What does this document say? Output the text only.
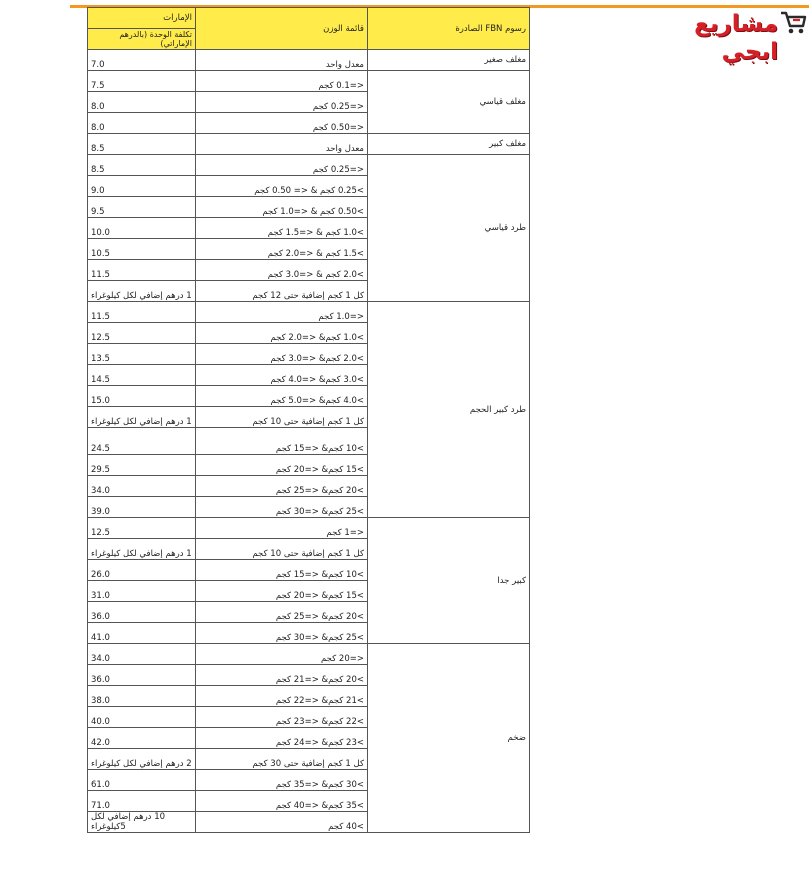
مشاريع ابجي
رسوم FBN الصادرة	قائمة الوزن	الإمارات
		تكلفة الوحدة (بالدرهم الإماراتي)
مغلف صغير	معدل واحد	7.0
مغلف قياسي	<=0.1 كجم	7.5
	<=0.25 كجم	8.0
	<=0.50 كجم	8.0
مغلف كبير	معدل واحد	8.5
طرد قياسي	<=0.25 كجم	8.5
	>0.25 كجم & <= 0.50 كجم	9.0
	>0.50 كجم & <=1.0 كجم	9.5
	>1.0 كجم & <=1.5 كجم	10.0
	>1.5 كجم & <=2.0 كجم	10.5
	>2.0 كجم & <=3.0 كجم	11.5
	كل 1 كجم إضافية حتى 12 كجم	1 درهم إضافي لكل كيلوغراء
طرد كبير الحجم	<=1.0 كجم	11.5
	>1.0 كجم& <=2.0 كجم	12.5
	>2.0 كجم& <=3.0 كجم	13.5
	>3.0 كجم& <=4.0 كجم	14.5
	>4.0 كجم& <=5.0 كجم	15.0
	كل 1 كجم إضافية حتى 10 كجم	1 درهم إضافي لكل كيلوغراء
	>10 كجم& <=15 كجم	24.5
	>15 كجم& <=20 كجم	29.5
	>20 كجم& <=25 كجم	34.0
	>25 كجم& <=30 كجم	39.0
كبير جدا	<=1 كجم	12.5
	كل 1 كجم إضافية حتى 10 كجم	1 درهم إضافي لكل كيلوغراء
	>10 كجم& <=15 كجم	26.0
	>15 كجم& <=20 كجم	31.0
	>20 كجم& <=25 كجم	36.0
	>25 كجم& <=30 كجم	41.0
ضخم	<=20 كجم	34.0
	>20 كجم& <=21 كجم	36.0
	>21 كجم& <=22 كجم	38.0
	>22 كجم& <=23 كجم	40.0
	>23 كجم& <=24 كجم	42.0
	كل 1 كجم إضافية حتى 30 كجم	2 درهم إضافي لكل كيلوغراء
	>30 كجم& <=35 كجم	61.0
	>35 كجم& <=40 كجم	71.0
	>40 كجم	10 درهم إضافي لكل
5كيلوغراء
